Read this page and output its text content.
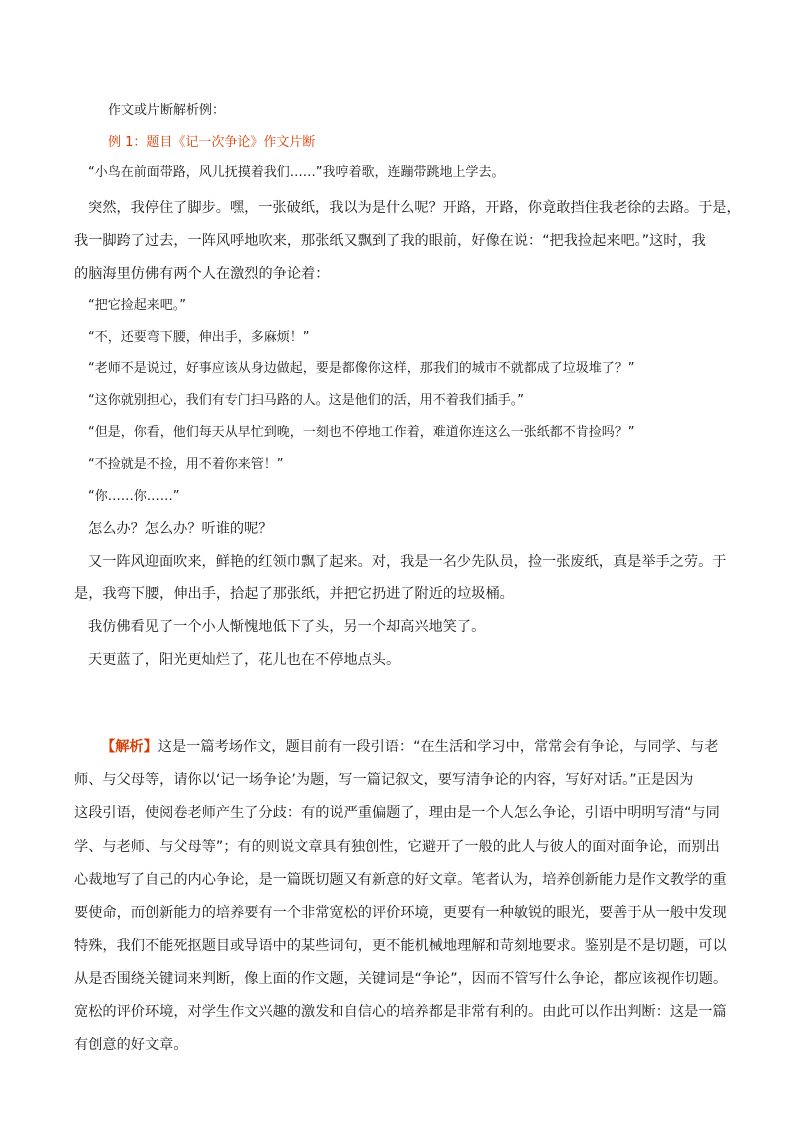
作文或片断解析例：
例 1：题目《记一次争论》作文片断
“小鸟在前面带路，风儿抚摸着我们……”我哼着歌，连蹦带跳地上学去。
突然，我停住了脚步。嘿，一张破纸，我以为是什么呢？开路，开路，你竟敢挡住我老徐的去路。于是，
我一脚跨了过去，一阵风呼地吹来，那张纸又飘到了我的眼前，好像在说：“把我捡起来吧。”这时，我
的脑海里仿佛有两个人在激烈的争论着：
“把它捡起来吧。”
“不，还要弯下腰，伸出手，多麻烦！”
“老师不是说过，好事应该从身边做起，要是都像你这样，那我们的城市不就都成了垃圾堆了？”
“这你就别担心，我们有专门扫马路的人。这是他们的活，用不着我们插手。”
“但是，你看，他们每天从早忙到晚，一刻也不停地工作着，难道你连这么一张纸都不肯捡吗？”
“不捡就是不捡，用不着你来管！”
“你……你……”
怎么办？怎么办？听谁的呢？
又一阵风迎面吹来，鲜艳的红领巾飘了起来。对，我是一名少先队员，捡一张废纸，真是举手之劳。于
是，我弯下腰，伸出手，拾起了那张纸，并把它扔进了附近的垃圾桶。
我仿佛看见了一个小人惭愧地低下了头，另一个却高兴地笑了。
天更蓝了，阳光更灿烂了，花儿也在不停地点头。
【解析】这是一篇考场作文，题目前有一段引语：“在生活和学习中，常常会有争论，与同学、与老
师、与父母等，请你以‘记一场争论’为题，写一篇记叙文，要写清争论的内容，写好对话。”正是因为
这段引语，使阅卷老师产生了分歧：有的说严重偏题了，理由是一个人怎么争论，引语中明明写清“与同
学、与老师、与父母等”；有的则说文章具有独创性，它避开了一般的此人与彼人的面对面争论，而别出
心裁地写了自己的内心争论，是一篇既切题又有新意的好文章。笔者认为，培养创新能力是作文教学的重
要使命，而创新能力的培养要有一个非常宽松的评价环境，更要有一种敏锐的眼光，要善于从一般中发现
特殊，我们不能死抠题目或导语中的某些词句，更不能机械地理解和苛刻地要求。鉴别是不是切题，可以
从是否围绕关键词来判断，像上面的作文题，关键词是“争论”，因而不管写什么争论，都应该视作切题。
宽松的评价环境，对学生作文兴趣的激发和自信心的培养都是非常有利的。由此可以作出判断：这是一篇
有创意的好文章。
